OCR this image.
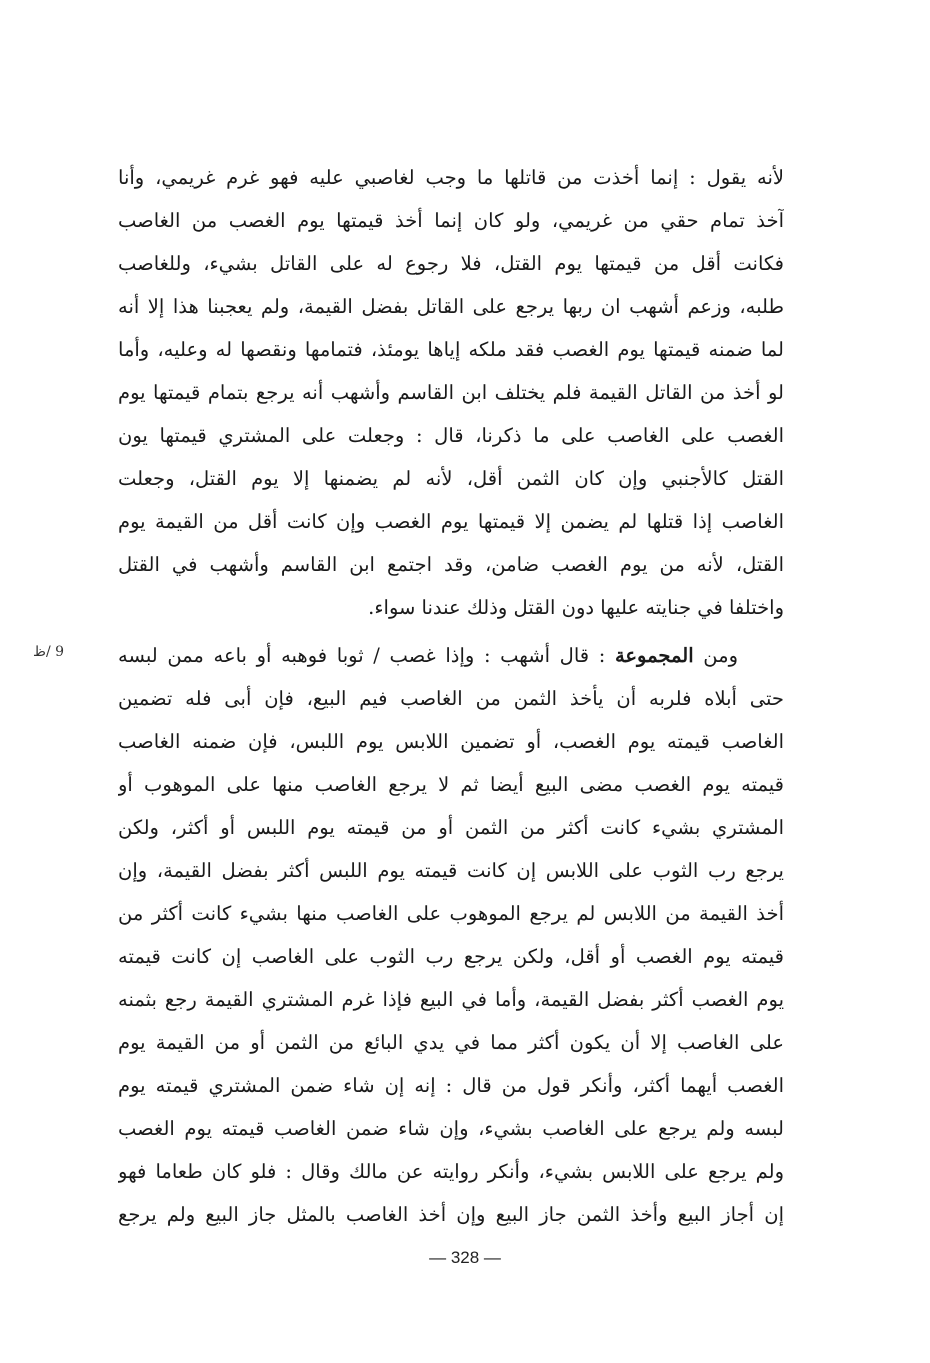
لأنه يقول : إنما أخذت من قاتلها ما وجب لغاصبي عليه فهو غرم غريمي، وأنا
آخذ تمام حقي من غريمي، ولو كان إنما أخذ قيمتها يوم الغصب من الغاصب
فكانت أقل من قيمتها يوم القتل، فلا رجوع له على القاتل بشيء، وللغاصب
طلبه، وزعم أشهب ان ربها يرجع على القاتل بفضل القيمة، ولم يعجبنا هذا إلا أنه
لما ضمنه قيمتها يوم الغصب فقد ملكه إياها يومئذ، فتمامها ونقصها له وعليه، وأما
لو أخذ من القاتل القيمة فلم يختلف ابن القاسم وأشهب أنه يرجع بتمام قيمتها يوم
الغصب على الغاصب على ما ذكرنا، قال : وجعلت على المشتري قيمتها يون
القتل كالأجنبي وإن كان الثمن أقل، لأنه لم يضمنها إلا يوم القتل، وجعلت
الغاصب إذا قتلها لم يضمن إلا قيمتها يوم الغصب وإن كانت أقل من القيمة يوم
القتل، لأنه من يوم الغصب ضامن، وقد اجتمع ابن القاسم وأشهب في القتل
واختلفا في جنايته عليها دون القتل وذلك عندنا سواء.
9 /ظ	ومن المجموعة : قال أشهب : وإذا غصب / ثوبا فوهبه أو باعه ممن لبسه
حتى أبلاه فلربه أن يأخذ الثمن من الغاصب فيم البيع، فإن أبى فله تضمين
الغاصب قيمته يوم الغصب، أو تضمين اللابس يوم اللبس، فإن ضمنه الغاصب
قيمته يوم الغصب مضى البيع أيضا ثم لا يرجع الغاصب منها على الموهوب أو
المشتري بشيء كانت أكثر من الثمن أو من قيمته يوم اللبس أو أكثر، ولكن
يرجع رب الثوب على اللابس إن كانت قيمته يوم اللبس أكثر بفضل القيمة، وإن
أخذ القيمة من اللابس لم يرجع الموهوب على الغاصب منها بشيء كانت أكثر من
قيمته يوم الغصب أو أقل، ولكن يرجع رب الثوب على الغاصب إن كانت قيمته
يوم الغصب أكثر بفضل القيمة، وأما في البيع فإذا غرم المشتري القيمة رجع بثمنه
على الغاصب إلا أن يكون أكثر مما في يدي البائع من الثمن أو من القيمة يوم
الغصب أيهما أكثر، وأنكر قول من قال : إنه إن شاء ضمن المشتري قيمته يوم
لبسه ولم يرجع على الغاصب بشيء، وإن شاء ضمن الغاصب قيمته يوم الغصب
ولم يرجع على اللابس بشيء، وأنكر روايته عن مالك وقال : فلو كان طعاما فهو
إن أجاز البيع وأخذ الثمن جاز البيع وإن أخذ الغاصب بالمثل جاز البيع ولم يرجع
— 328 —
